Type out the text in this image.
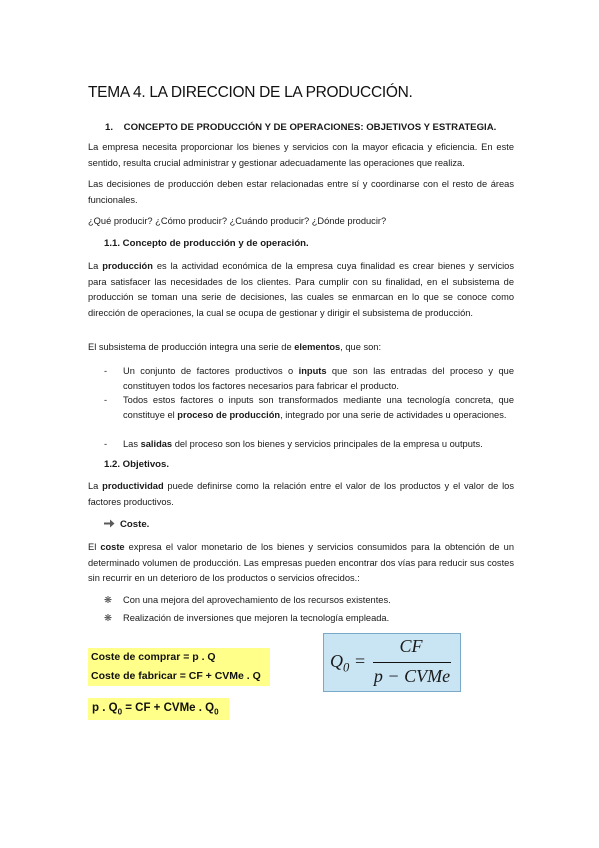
TEMA 4. LA DIRECCION DE LA PRODUCCIÓN.
1. CONCEPTO DE PRODUCCIÓN Y DE OPERACIONES: OBJETIVOS Y ESTRATEGIA.
La empresa necesita proporcionar los bienes y servicios con la mayor eficacia y eficiencia. En este sentido, resulta crucial administrar y gestionar adecuadamente las operaciones que realiza.
Las decisiones de producción deben estar relacionadas entre sí y coordinarse con el resto de áreas funcionales.
¿Qué producir? ¿Cómo producir? ¿Cuándo producir? ¿Dónde producir?
1.1. Concepto de producción y de operación.
La producción es la actividad económica de la empresa cuya finalidad es crear bienes y servicios para satisfacer las necesidades de los clientes. Para cumplir con su finalidad, en el subsistema de producción se toman una serie de decisiones, las cuales se enmarcan en lo que se conoce como dirección de operaciones, la cual se ocupa de gestionar y dirigir el subsistema de producción.
El subsistema de producción integra una serie de elementos, que son:
-	Un conjunto de factores productivos o inputs que son las entradas del proceso y que constituyen todos los factores necesarios para fabricar el producto.
-	Todos estos factores o inputs son transformados mediante una tecnología concreta, que constituye el proceso de producción, integrado por una serie de actividades u operaciones.
-	Las salidas del proceso son los bienes y servicios principales de la empresa u outputs.
1.2. Objetivos.
La productividad puede definirse como la relación entre el valor de los productos y el valor de los factores productivos.
Coste.
El coste expresa el valor monetario de los bienes y servicios consumidos para la obtención de un determinado volumen de producción. Las empresas pueden encontrar dos vías para reducir sus costes sin recurrir en un deterioro de los productos o servicios ofrecidos.:
❋ Con una mejora del aprovechamiento de los recursos existentes.
❋ Realización de inversiones que mejoren la tecnología empleada.
Coste de comprar = p . Q
Coste de fabricar = CF + CVMe . Q
p . $Q_0$ = CF + CVMe . $Q_0$
$Q_0$ =
CF
p − CVMe
